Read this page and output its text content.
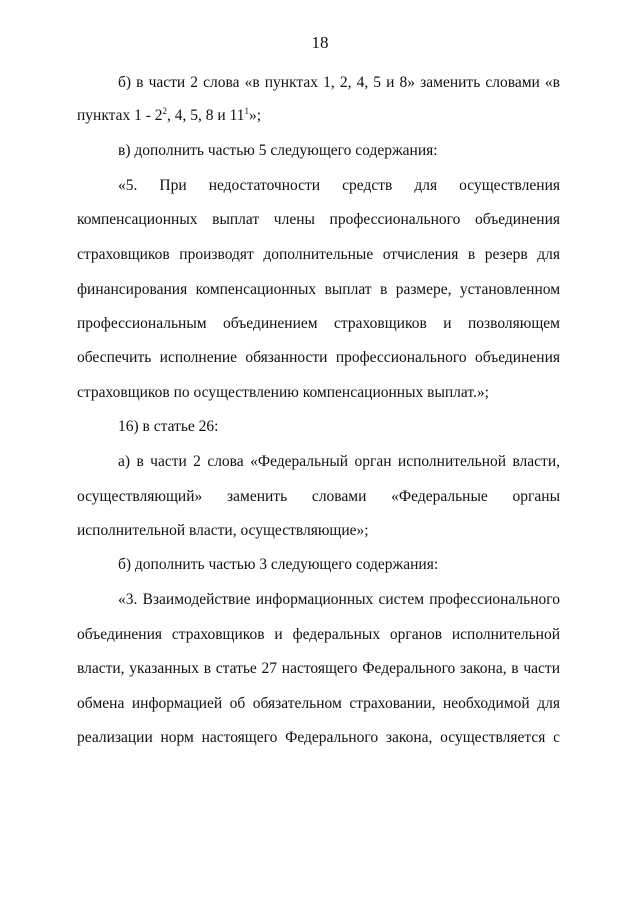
18
б) в части 2 слова «в пунктах 1, 2, 4, 5 и 8» заменить словами «в
пунктах $1 - 2^2$, 4, 5, 8 и $11^1$»;
в) дополнить частью 5 следующего содержания:
«5. При недостаточности средств для осуществления
компенсационных выплат члены профессионального объединения
страховщиков производят дополнительные отчисления в резерв для
финансирования компенсационных выплат в размере, установленном
профессиональным объединением страховщиков и позволяющем
обеспечить исполнение обязанности профессионального объединения
страховщиков по осуществлению компенсационных выплат.»;
16) в статье 26:
а) в части 2 слова «Федеральный орган исполнительной власти,
осуществляющий» заменить словами «Федеральные органы
исполнительной власти, осуществляющие»;
б) дополнить частью 3 следующего содержания:
«3. Взаимодействие информационных систем профессионального
объединения страховщиков и федеральных органов исполнительной
власти, указанных в статье 27 настоящего Федерального закона, в части
обмена информацией об обязательном страховании, необходимой для
реализации норм настоящего Федерального закона, осуществляется с
